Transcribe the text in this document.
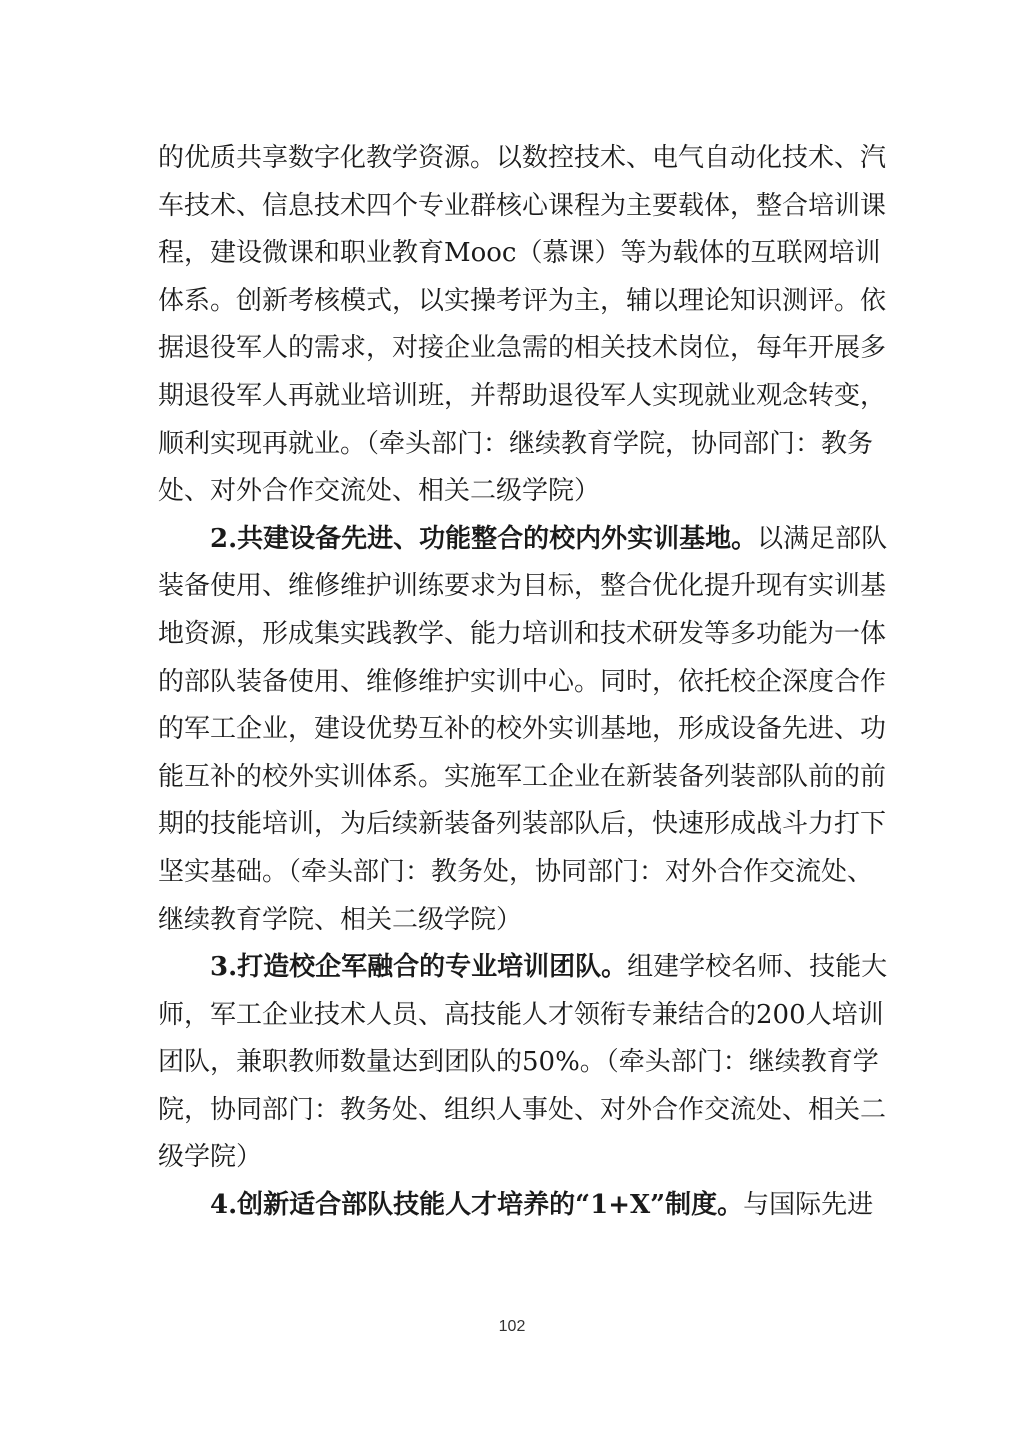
的优质共享数字化教学资源。以数控技术、电气自动化技术、汽
车技术、信息技术四个专业群核心课程为主要载体，整合培训课
程，建设微课和职业教育Mooc（慕课）等为载体的互联网培训
体系。创新考核模式，以实操考评为主，辅以理论知识测评。依
据退役军人的需求，对接企业急需的相关技术岗位，每年开展多
期退役军人再就业培训班，并帮助退役军人实现就业观念转变，
顺利实现再就业。（牵头部门：继续教育学院，协同部门：教务
处、对外合作交流处、相关二级学院）
2.共建设备先进、功能整合的校内外实训基地。以满足部队
装备使用、维修维护训练要求为目标，整合优化提升现有实训基
地资源，形成集实践教学、能力培训和技术研发等多功能为一体
的部队装备使用、维修维护实训中心。同时，依托校企深度合作
的军工企业，建设优势互补的校外实训基地，形成设备先进、功
能互补的校外实训体系。实施军工企业在新装备列装部队前的前
期的技能培训，为后续新装备列装部队后，快速形成战斗力打下
坚实基础。（牵头部门：教务处，协同部门：对外合作交流处、
继续教育学院、相关二级学院）
3.打造校企军融合的专业培训团队。组建学校名师、技能大
师，军工企业技术人员、高技能人才领衔专兼结合的200人培训
团队，兼职教师数量达到团队的50%。（牵头部门：继续教育学
院，协同部门：教务处、组织人事处、对外合作交流处、相关二
级学院）
4.创新适合部队技能人才培养的“1+X”制度。与国际先进
102
